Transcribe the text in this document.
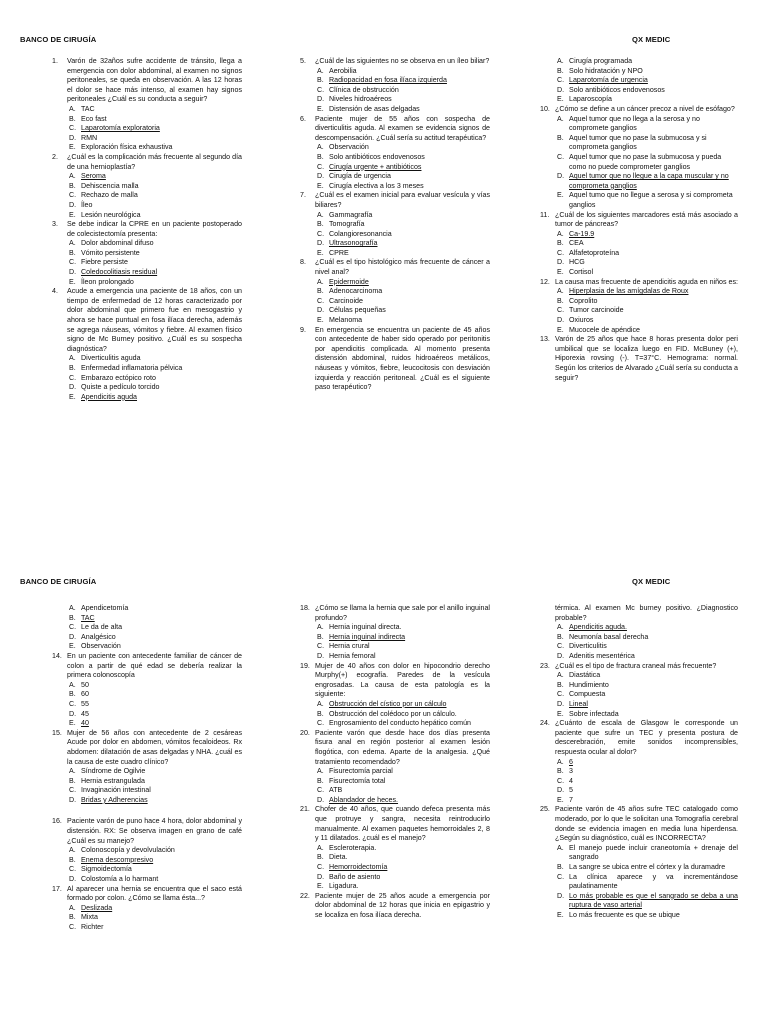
BANCO DE CIRUGÍA	QX MEDIC
1. Varón de 32años sufre accidente de tránsito, llega a emergencia con dolor abdominal, al examen no signos peritoneales, se queda en observación. A las 12 horas el dolor se hace más intenso, al examen hay signos peritoneales ¿Cuál es su conducta a seguir?
A. TAC
B. Eco fast
C. Laparotomía exploratoria
D. RMN
E. Exploración física exhaustiva
2. ¿Cuál es la complicación más frecuente al segundo día de una hernioplastía?
A. Seroma
B. Dehiscencia malla
C. Rechazo de malla
D. Íleo
E. Lesión neurológica
3. Se debe indicar la CPRE en un paciente postoperado de colecistectomía presenta:
A. Dolor abdominal difuso
B. Vómito persistente
C. Fiebre persiste
D. Coledocolitiasis residual
E. Íleon prolongado
4. Acude a emergencia una paciente de 18 años, con un tiempo de enfermedad de 12 horas caracterizado por dolor abdominal que primero fue en mesogastrio y ahora se hace puntual en fosa ilíaca derecha, además se agrega náuseas, vómitos y fiebre. Al examen físico signo de Mc Burney positivo. ¿Cuál es su sospecha diagnóstica?
A. Diverticulitis aguda
B. Enfermedad inflamatoria pélvica
C. Embarazo ectópico roto
D. Quiste a pedículo torcido
E. Apendicitis aguda
5. ¿Cuál de las siguientes no se observa en un íleo biliar?
A. Aerobilia
B. Radiopacidad en fosa ilíaca izquierda
C. Clínica de obstrucción
D. Niveles hidroaéreos
E. Distensión de asas delgadas
6. Paciente mujer de 55 años con sospecha de diverticulitis aguda. Al examen se evidencia signos de descompensación. ¿Cuál sería su actitud terapéutica?
A. Observación
B. Solo antibióticos endovenosos
C. Cirugía urgente + antibióticos
D. Cirugía de urgencia
E. Cirugía electiva a los 3 meses
7. ¿Cuál es el examen inicial para evaluar vesícula y vías biliares?
A. Gammagrafía
B. Tomografía
C. Colangioresonancia
D. Ultrasonografía
E. CPRE
8. ¿Cuál es el tipo histológico más frecuente de cáncer a nivel anal?
A. Epidermoide
B. Adenocarcinoma
C. Carcinoide
D. Células pequeñas
E. Melanoma
9. En emergencia se encuentra un paciente de 45 años con antecedente de haber sido operado por peritonitis por apendicitis complicada. Al momento presenta distensión abdominal, ruidos hidroaéreos metálicos, náuseas y vómitos, fiebre, leucocitosis con desviación izquierda y reacción peritoneal. ¿Cuál es el siguiente paso terapéutico?
A. Cirugía programada
B. Solo hidratación y NPO
C. Laparotomía de urgencia
D. Solo antibióticos endovenosos
E. Laparoscopía
10. ¿Cómo se define a un cáncer precoz a nivel de esófago?
A. Aquel tumor que no llega a la serosa y no compromete ganglios
B. Aquel tumor que no pase la submucosa y si comprometa ganglios
C. Aquel tumor que no pase la submucosa y pueda como no puede comprometer ganglios
D. Aquel tumor que no llegue a la capa muscular y no comprometa ganglios
E. Aquel tumo que no llegue a serosa y si comprometa ganglios
11. ¿Cuál de los siguientes marcadores está más asociado a tumor de páncreas?
A. Ca-19.9
B. CEA
C. Alfafetoproteína
D. HCG
E. Cortisol
12. La causa mas frecuente de apendicitis aguda en niños es:
A. Hiperplasia de las amígdalas de Roux
B. Coprolito
C. Tumor carcinoide
D. Oxiuros
E. Mucocele de apéndice
13. Varón de 25 años que hace 8 horas presenta dolor peri umbilical que se localiza luego en FID. McBuney (+), Hiporexia rovsing (-). T=37°C. Hemograma: normal. Según los criterios de Alvarado ¿Cuál sería su conducta a seguir?
BANCO DE CIRUGÍA	QX MEDIC
A. Apendicetomía
B. TAC
C. Le da de alta
D. Analgésico
E. Observación
14. En un paciente con antecedente familiar de cáncer de colon a partir de qué edad se debería realizar la primera colonoscopía
A. 50
B. 60
C. 55
D. 45
E. 40
15. Mujer de 56 años con antecedente de 2 cesáreas Acude por dolor en abdomen, vómitos fecaloideos. Rx abdomen: dilatación de asas delgadas y NHA. ¿cuál es la causa de este cuadro clínico?
A. Síndrome de Ogilvie
B. Hernia estrangulada
C. Invaginación intestinal
D. Bridas y Adherencias
16. Paciente varón de puno hace 4 hora, dolor abdominal y distensión. RX: Se observa imagen en grano de café ¿Cuál es su manejo?
A. Colonoscopía y devolvulación
B. Enema descompresivo
C. Sigmoidectomía
D. Colostomía a lo harmant
17. Al aparecer una hernia se encuentra que el saco está formado por colon. ¿Cómo se llama ésta...?
A. Deslizada
B. Mixta
C. Richter
18. ¿Cómo se llama la hernia que sale por el anillo inguinal profundo?
A. Hernia inguinal directa.
B. Hernia inguinal indirecta
C. Hernia crural
D. Hernia femoral
19. Mujer de 40 años con dolor en hipocondrio derecho Murphy(+) ecografía. Paredes de la vesícula engrosadas. La causa de esta patología es la siguiente:
A. Obstrucción del cístico por un cálculo
B. Obstrucción del colédoco por un cálculo.
C. Engrosamiento del conducto hepático común
20. Paciente varón que desde hace dos días presenta fisura anal en región posterior al examen lesión flogótica, con edema. Aparte de la analgesia. ¿Qué tratamiento recomendado?
A. Fisurectomía parcial
B. Fisurectomía total
C. ATB
D. Ablandador de heces.
21. Chofer de 40 años, que cuando defeca presenta más que protruye y sangra, necesita reintroducirlo manualmente. Al examen paquetes hemorroidales 2, 8 y 11 dilatados. ¿cuál es el manejo?
A. Escleroterapia.
B. Dieta.
C. Hemorroidectomía
D. Baño de asiento
E. Ligadura.
22. Paciente mujer de 25 años acude a emergencia por dolor abdominal de 12 horas que inicia en epigastrio y se localiza en fosa ilíaca derecha.
térmica. Al examen Mc burney positivo. ¿Diagnostico probable?
A. Apendicitis aguda.
B. Neumonía basal derecha
C. Diverticulitis
D. Adenitis mesentérica
23. ¿Cuál es el tipo de fractura craneal más frecuente?
A. Diastática
B. Hundimiento
C. Compuesta
D. Lineal
E. Sobre infectada
24. ¿Cuánto de escala de Glasgow le corresponde un paciente que sufre un TEC y presenta postura de descerebración, emite sonidos incomprensibles, respuesta ocular al dolor?
A. 6
B. 3
C. 4
D. 5
E. 7
25. Paciente varón de 45 años sufre TEC catalogado como moderado, por lo que le solicitan una Tomografía cerebral donde se evidencia imagen en media luna hiperdensa. ¿Según su diagnóstico, cuál es INCORRECTA?
A. El manejo puede incluir craneotomía + drenaje del sangrado
B. La sangre se ubica entre el córtex y la duramadre
C. La clínica aparece y va incrementándose paulatinamente
D. Lo más probable es que el sangrado se deba a una ruptura de vaso arterial
E. Lo más frecuente es que se ubique
